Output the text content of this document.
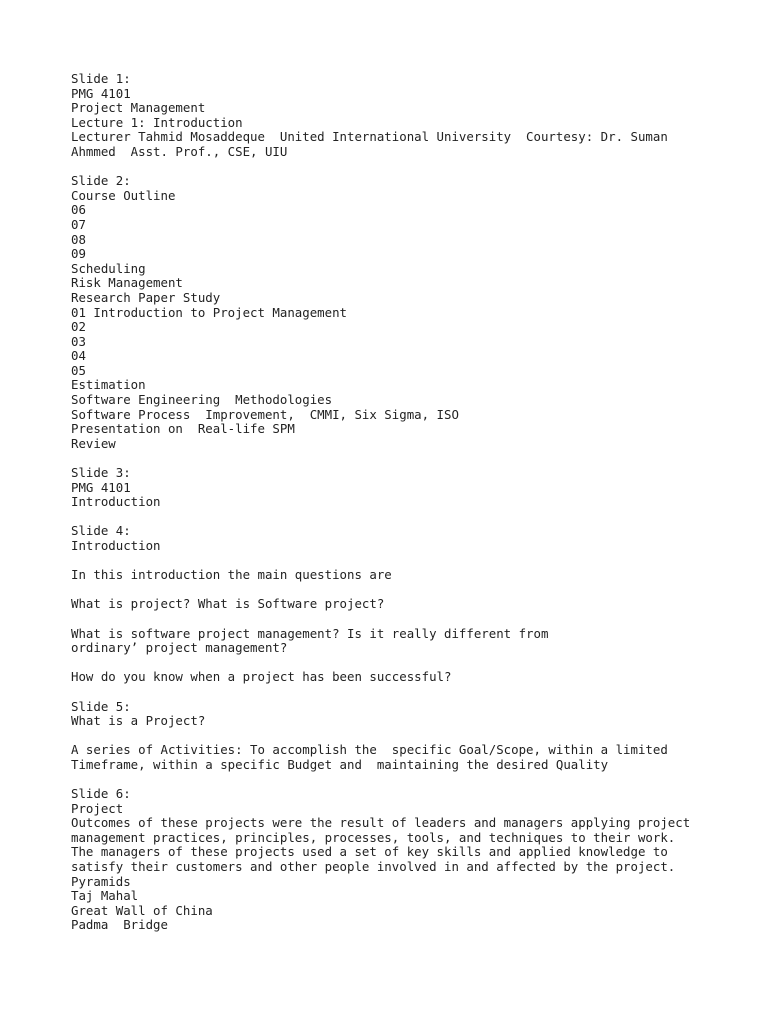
Slide 1:
PMG 4101
Project Management
Lecture 1: Introduction
Lecturer Tahmid Mosaddeque  United International University  Courtesy: Dr. Suman
Ahmmed  Asst. Prof., CSE, UIU
Slide 2:
Course Outline
06
07
08
09
Scheduling
Risk Management
Research Paper Study
01 Introduction to Project Management
02
03
04
05
Estimation
Software Engineering  Methodologies
Software Process  Improvement,  CMMI, Six Sigma, ISO
Presentation on  Real-life SPM
Review
Slide 3:
PMG 4101
Introduction
Slide 4:
Introduction
In this introduction the main questions are
What is project? What is Software project?
What is software project management? Is it really different from
ordinary’ project management?
How do you know when a project has been successful?
Slide 5:
What is a Project?
A series of Activities: To accomplish the  specific Goal/Scope, within a limited
Timeframe, within a specific Budget and  maintaining the desired Quality
Slide 6:
Project
Outcomes of these projects were the result of leaders and managers applying project
management practices, principles, processes, tools, and techniques to their work.
The managers of these projects used a set of key skills and applied knowledge to
satisfy their customers and other people involved in and affected by the project.
Pyramids
Taj Mahal
Great Wall of China
Padma  Bridge
